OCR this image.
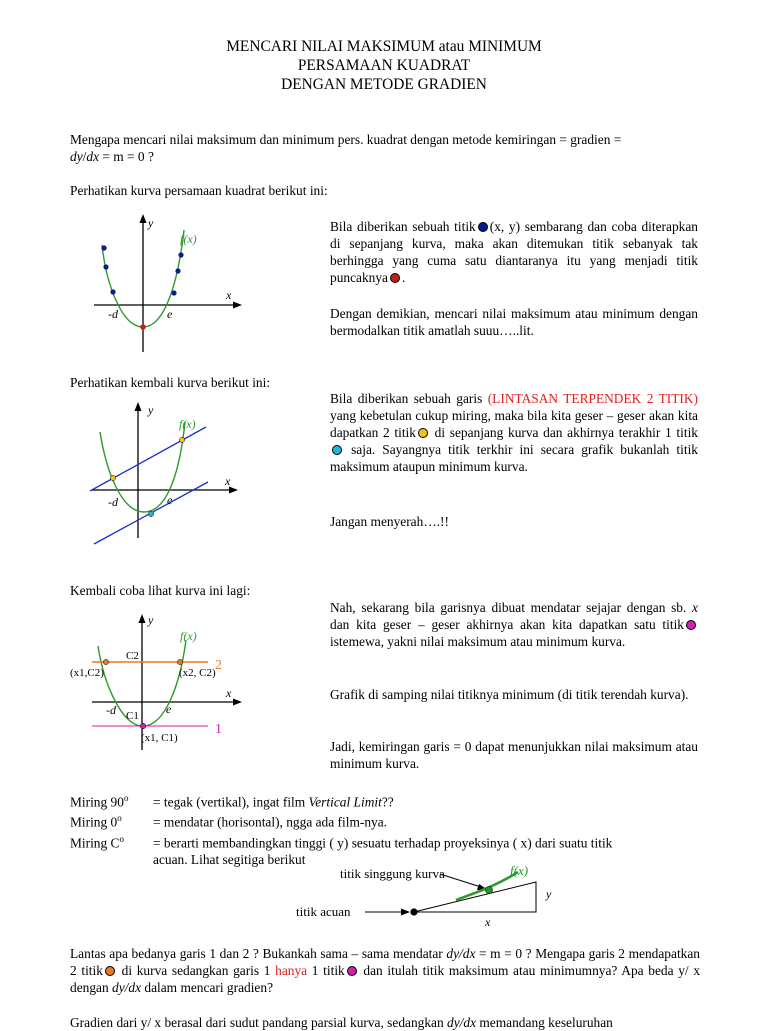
MENCARI NILAI MAKSIMUM atau MINIMUM
PERSAMAAN KUADRAT
DENGAN METODE GRADIEN
Mengapa mencari nilai maksimum dan minimum pers. kuadrat dengan metode kemiringan = gradien =
dy/dx = m = 0 ?
Perhatikan kurva persamaan kuadrat berikut ini:
y
f(x)
x
-d	e
Bila diberikan sebuah titik (x, y) sembarang dan coba diterapkan di sepanjang kurva, maka akan ditemukan titik sebanyak tak berhingga yang cuma satu diantaranya itu yang menjadi titik puncaknya .
Dengan demikian, mencari nilai maksimum atau minimum dengan bermodalkan titik amatlah suuu…..lit.
Perhatikan kembali kurva berikut ini:
y
f(x)
x
-d	e
Bila diberikan sebuah garis (LINTASAN TERPENDEK 2 TITIK) yang kebetulan cukup miring, maka bila kita geser – geser akan kita dapatkan 2 titik di sepanjang kurva dan akhirnya terakhir 1 titik saja. Sayangnya titik terkhir ini secara grafik bukanlah titik maksimum ataupun minimum kurva.
Jangan menyerah….!!
Kembali coba lihat kurva ini lagi:
y
f(x)
x
C2
C1
-d	e
(x1,C2)	(x2, C2)
(x1, C1)
2
1
Nah, sekarang bila garisnya dibuat mendatar sejajar dengan sb. x dan kita geser – geser akhirnya akan kita dapatkan satu titik istemewa, yakni nilai maksimum atau minimum kurva.
Grafik di samping nilai titiknya minimum (di titik terendah kurva).
Jadi, kemiringan garis = 0 dapat menunjukkan nilai maksimum atau minimum kurva.
Miring $90^o$ = tegak (vertikal), ingat film Vertical Limit??
Miring $0^o$ = mendatar (horisontal), ngga ada film-nya.
Miring $C^o$ = berarti membandingkan tinggi ( y) sesuatu terhadap proyeksinya ( x) dari suatu titik
acuan. Lihat segitiga berikut
titik singgung kurva
titik acuan
f(x)
y
x
Lantas apa bedanya garis 1 dan 2 ? Bukankah sama – sama mendatar dy/dx = m = 0 ? Mengapa garis 2 mendapatkan 2 titik di kurva sedangkan garis 1 hanya 1 titik dan itulah titik maksimum atau minimumnya? Apa beda y/ x dengan dy/dx dalam mencari gradien?
Gradien dari y/ x berasal dari sudut pandang parsial kurva, sedangkan dy/dx memandang keseluruhan
